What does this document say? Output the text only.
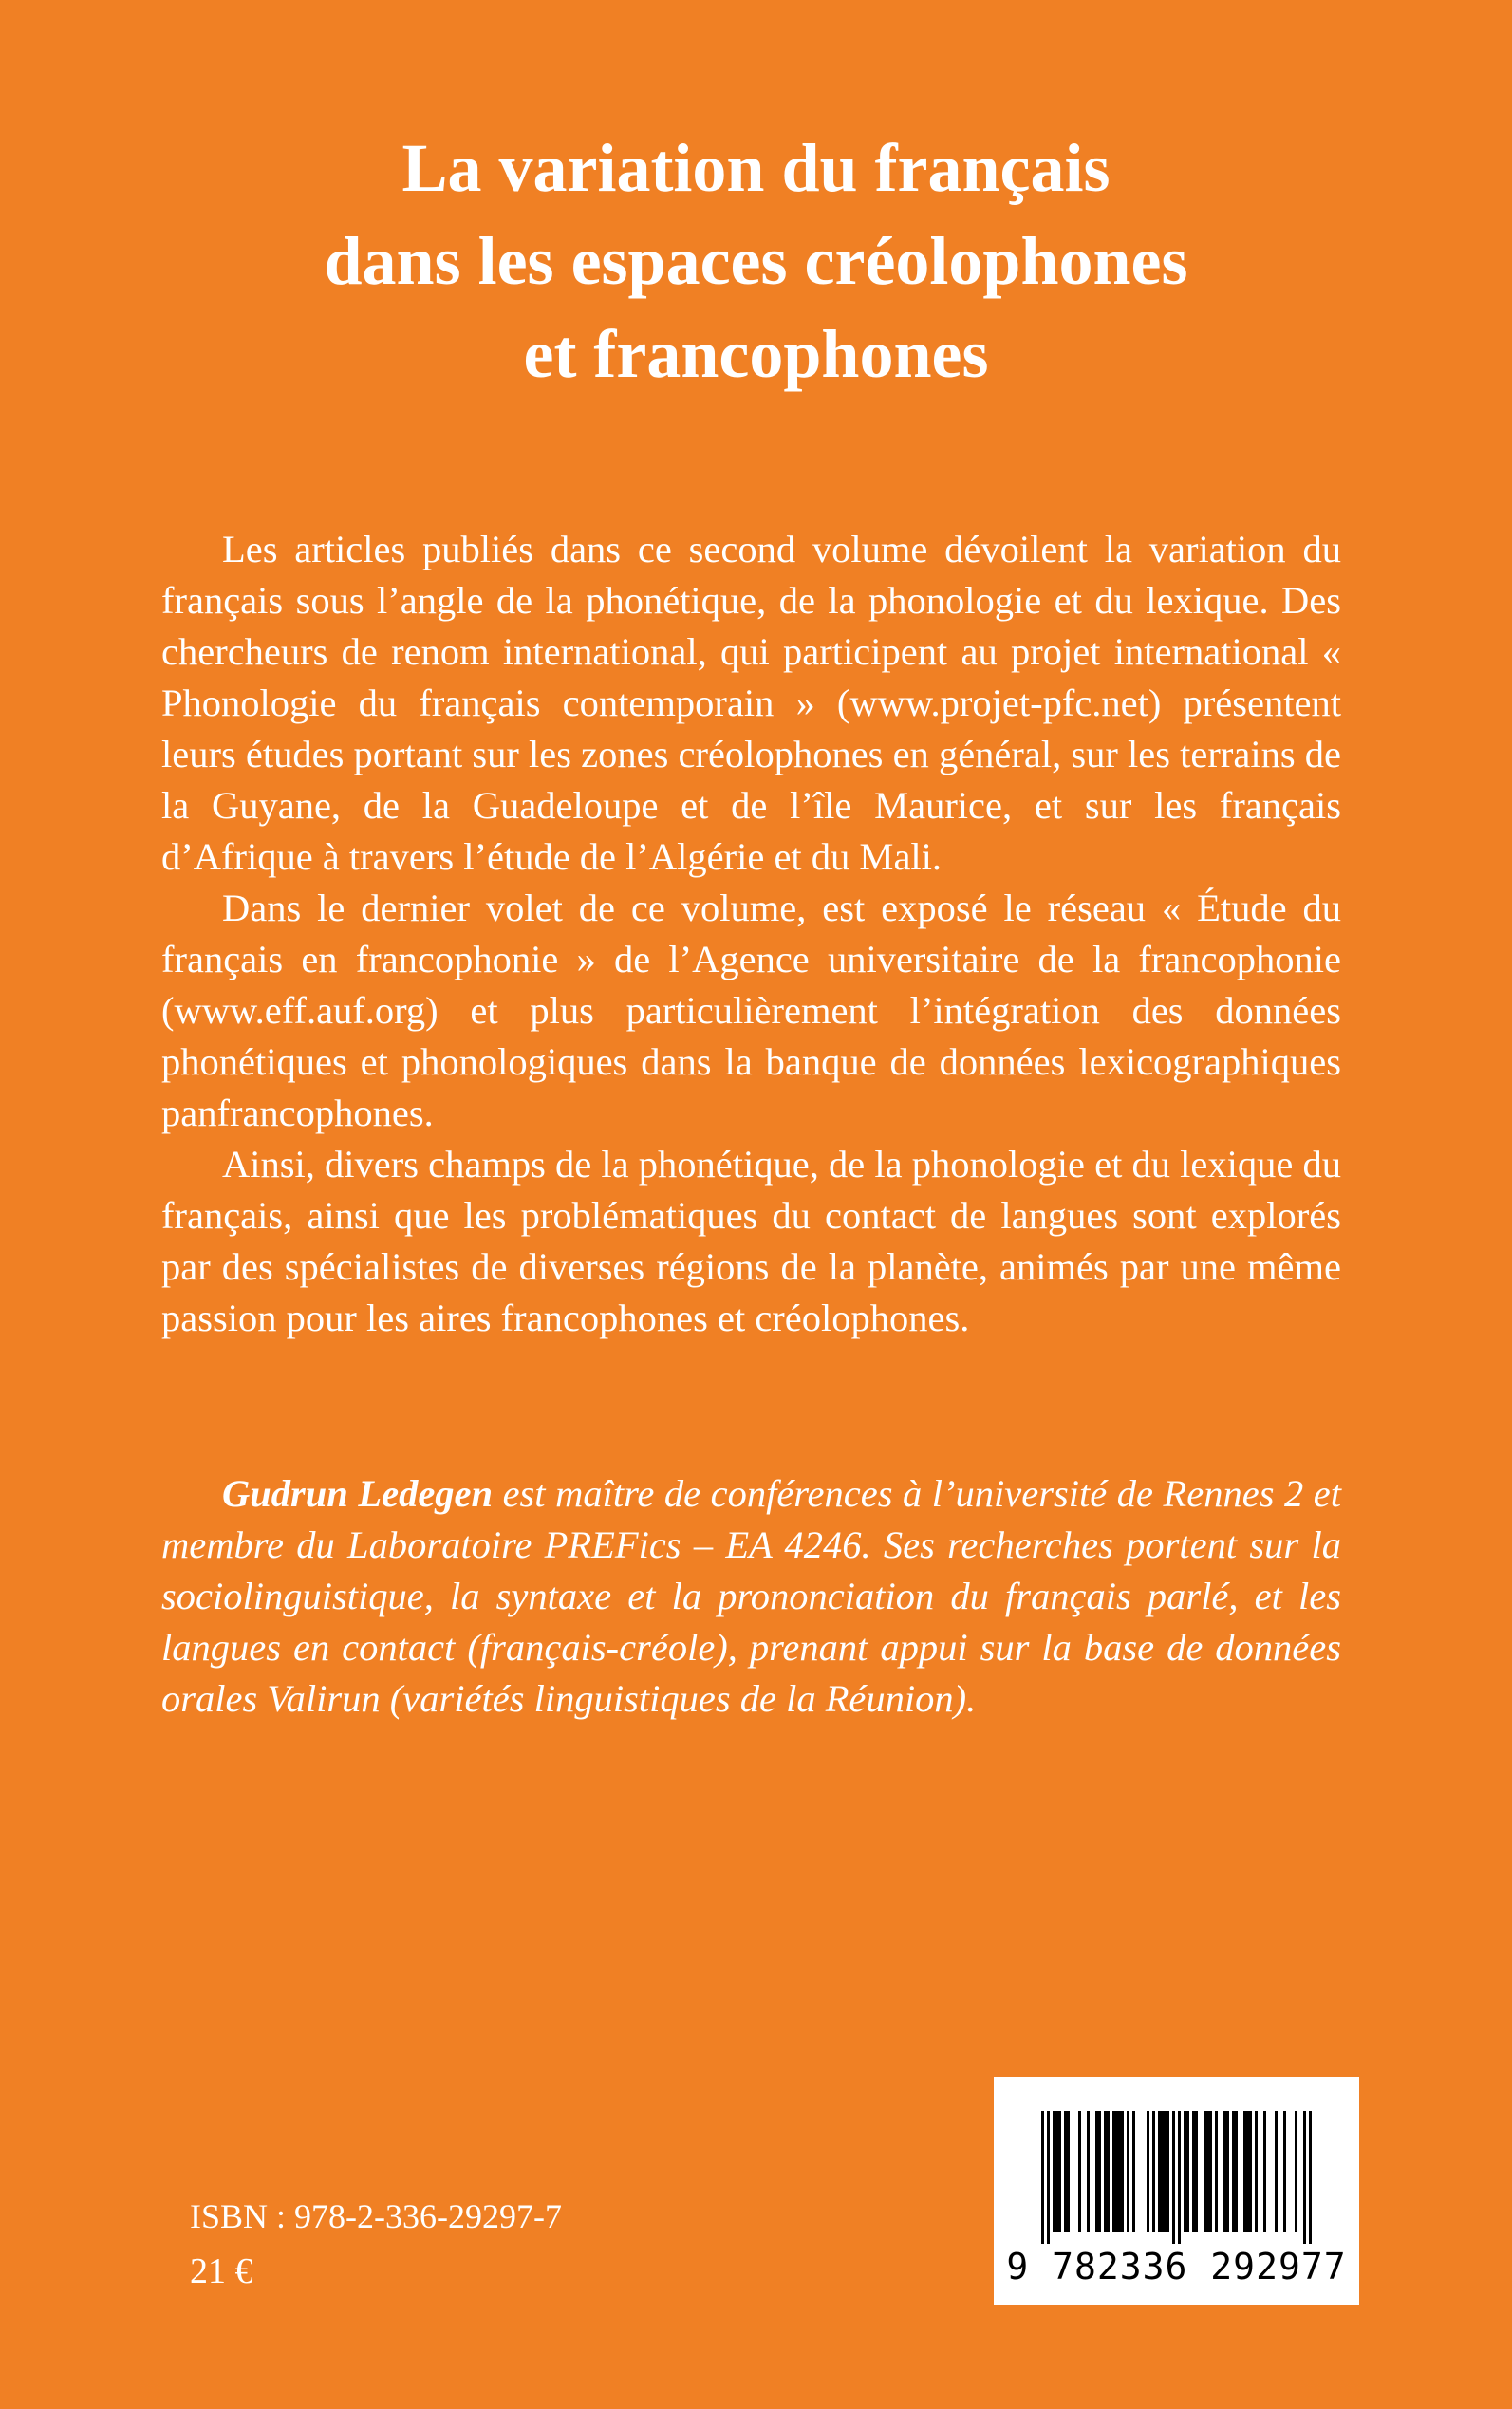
La variation du français
dans les espaces créolophones
et francophones

Les articles publiés dans ce second volume dévoilent la variation du français sous l’angle de la phonétique, de la phonologie et du lexique. Des chercheurs de renom international, qui participent au projet international « Phonologie du français contemporain » (www.projet-pfc.net) présentent leurs études portant sur les zones créolophones en général, sur les terrains de la Guyane, de la Guadeloupe et de l’île Maurice, et sur les français d’Afrique à travers l’étude de l’Algérie et du Mali.

Dans le dernier volet de ce volume, est exposé le réseau « Étude du français en francophonie » de l’Agence universitaire de la francophonie (www.eff.auf.org) et plus particulièrement l’intégration des données phonétiques et phonologiques dans la banque de données lexicographiques panfrancophones.

Ainsi, divers champs de la phonétique, de la phonologie et du lexique du français, ainsi que les problématiques du contact de langues sont explorés par des spécialistes de diverses régions de la planète, animés par une même passion pour les aires francophones et créolophones.

Gudrun Ledegen est maître de conférences à l’université de Rennes 2 et membre du Laboratoire PREFics – EA 4246. Ses recherches portent sur la sociolinguistique, la syntaxe et la prononciation du français parlé, et les langues en contact (français-créole), prenant appui sur la base de données orales Valirun (variétés linguistiques de la Réunion).

ISBN : 978-2-336-29297-7
21 €	9 782336 292977
